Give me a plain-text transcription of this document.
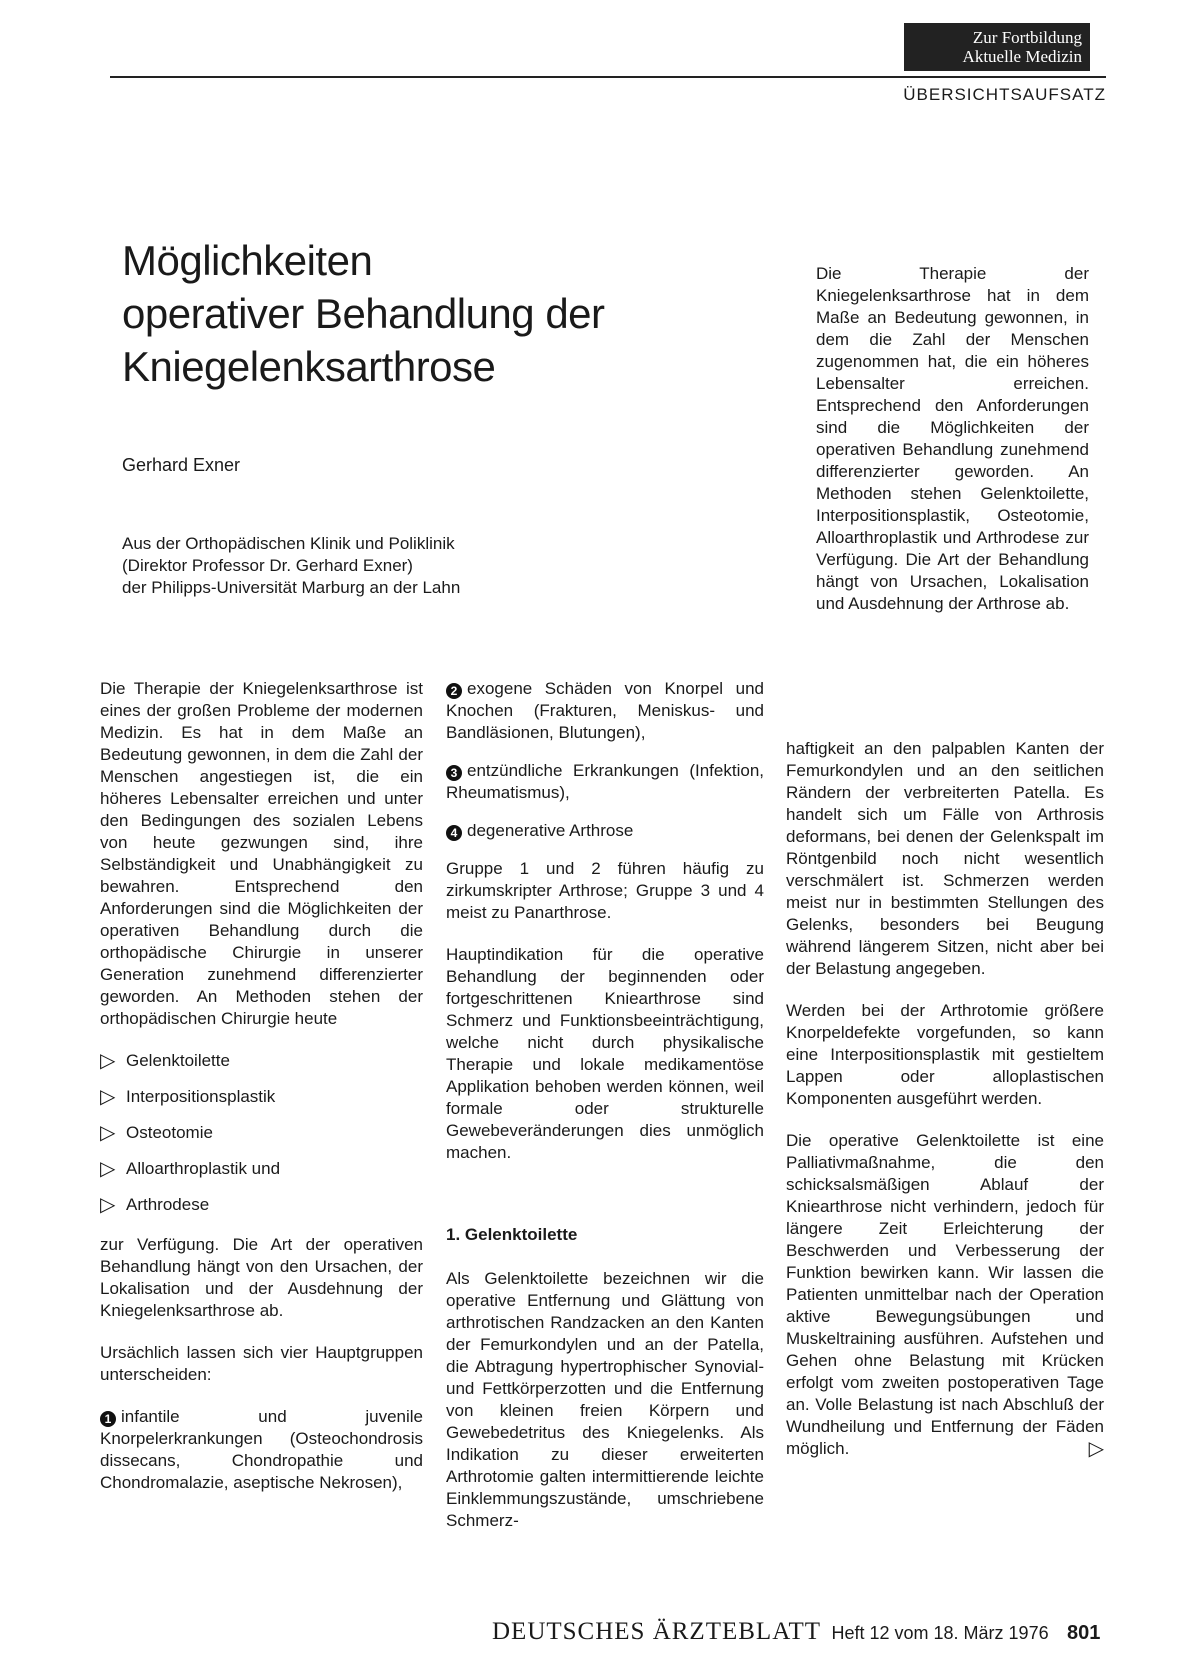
Zur Fortbildung
Aktuelle Medizin
ÜBERSICHTSAUFSATZ
Möglichkeiten
operativer Behandlung der
Kniegelenksarthrose
Gerhard Exner
Aus der Orthopädischen Klinik und Poliklinik
(Direktor Professor Dr. Gerhard Exner)
der Philipps-Universität Marburg an der Lahn
Die Therapie der Kniegelenksarthrose hat in dem Maße an Bedeutung gewonnen, in dem die Zahl der Menschen zugenommen hat, die ein höheres Lebensalter erreichen. Entsprechend den Anforderungen sind die Möglichkeiten der operativen Behandlung zunehmend differenzierter geworden. An Methoden stehen Gelenktoilette, Interpositionsplastik, Osteotomie, Alloarthroplastik und Arthrodese zur Verfügung. Die Art der Behandlung hängt von Ursachen, Lokalisation und Ausdehnung der Arthrose ab.

Die Therapie der Kniegelenksarthrose ist eines der großen Probleme der modernen Medizin. Es hat in dem Maße an Bedeutung gewonnen, in dem die Zahl der Menschen angestiegen ist, die ein höheres Lebensalter erreichen und unter den Bedingungen des sozialen Lebens von heute gezwungen sind, ihre Selbständigkeit und Unabhängigkeit zu bewahren. Entsprechend den Anforderungen sind die Möglichkeiten der operativen Behandlung durch die orthopädische Chirurgie in unserer Generation zunehmend differenzierter geworden. An Methoden stehen der orthopädischen Chirurgie heute

▷ Gelenktoilette
▷ Interpositionsplastik
▷ Osteotomie
▷ Alloarthroplastik und
▷ Arthrodese

zur Verfügung. Die Art der operativen Behandlung hängt von den Ursachen, der Lokalisation und der Ausdehnung der Kniegelenksarthrose ab.

Ursächlich lassen sich vier Hauptgruppen unterscheiden:

1 infantile und juvenile Knorpelerkrankungen (Osteochondrosis dissecans, Chondropathie und Chondromalazie, aseptische Nekrosen),

2 exogene Schäden von Knorpel und Knochen (Frakturen, Meniskus- und Bandläsionen, Blutungen),

3 entzündliche Erkrankungen (Infektion, Rheumatismus),

4 degenerative Arthrose

Gruppe 1 und 2 führen häufig zu zirkumskripter Arthrose; Gruppe 3 und 4 meist zu Panarthrose.

Hauptindikation für die operative Behandlung der beginnenden oder fortgeschrittenen Kniearthrose sind Schmerz und Funktionsbeeinträchtigung, welche nicht durch physikalische Therapie und lokale medikamentöse Applikation behoben werden können, weil formale oder strukturelle Gewebeveränderungen dies unmöglich machen.

1. Gelenktoilette

Als Gelenktoilette bezeichnen wir die operative Entfernung und Glättung von arthrotischen Randzacken an den Kanten der Femurkondylen und an der Patella, die Abtragung hypertrophischer Synovial- und Fettkörperzotten und die Entfernung von kleinen freien Körpern und Gewebedetritus des Kniegelenks. Als Indikation zu dieser erweiterten Arthrotomie galten intermittierende leichte Einklemmungszustände, umschriebene Schmerz-

haftigkeit an den palpablen Kanten der Femurkondylen und an den seitlichen Rändern der verbreiterten Patella. Es handelt sich um Fälle von Arthrosis deformans, bei denen der Gelenkspalt im Röntgenbild noch nicht wesentlich verschmälert ist. Schmerzen werden meist nur in bestimmten Stellungen des Gelenks, besonders bei Beugung während längerem Sitzen, nicht aber bei der Belastung angegeben.

Werden bei der Arthrotomie größere Knorpeldefekte vorgefunden, so kann eine Interpositionsplastik mit gestieltem Lappen oder alloplastischen Komponenten ausgeführt werden.

Die operative Gelenktoilette ist eine Palliativmaßnahme, die den schicksalsmäßigen Ablauf der Kniearthrose nicht verhindern, jedoch für längere Zeit Erleichterung der Beschwerden und Verbesserung der Funktion bewirken kann. Wir lassen die Patienten unmittelbar nach der Operation aktive Bewegungsübungen und Muskeltraining ausführen. Aufstehen und Gehen ohne Belastung mit Krücken erfolgt vom zweiten postoperativen Tage an. Volle Belastung ist nach Abschluß der Wundheilung und Entfernung der Fäden möglich.	▷

DEUTSCHES ÄRZTEBLATT Heft 12 vom 18. März 1976 801
